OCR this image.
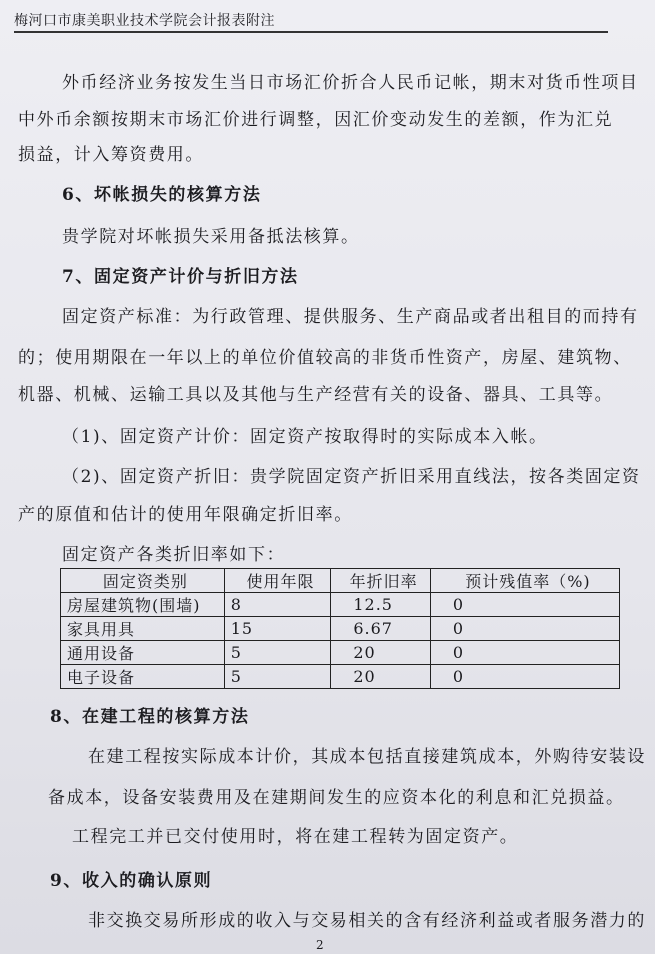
梅河口市康美职业技术学院会计报表附注
外币经济业务按发生当日市场汇价折合人民币记帐，期末对货币性项目
中外币余额按期末市场汇价进行调整，因汇价变动发生的差额，作为汇兑
损益，计入筹资费用。
6、坏帐损失的核算方法
贵学院对坏帐损失采用备抵法核算。
7、固定资产计价与折旧方法
固定资产标准：为行政管理、提供服务、生产商品或者出租目的而持有
的；使用期限在一年以上的单位价值较高的非货币性资产，房屋、建筑物、
机器、机械、运输工具以及其他与生产经营有关的设备、器具、工具等。
（1)、固定资产计价：固定资产按取得时的实际成本入帐。
（2)、固定资产折旧：贵学院固定资产折旧采用直线法，按各类固定资
产的原值和估计的使用年限确定折旧率。
固定资产各类折旧率如下：
固定资类别	使用年限	年折旧率	预计残值率（%)
房屋建筑物(围墙)	8	12.5	0
家具用具	15	6.67	0
通用设备	5	20	0
电子设备	5	20	0
8、在建工程的核算方法
在建工程按实际成本计价，其成本包括直接建筑成本，外购待安装设
备成本，设备安装费用及在建期间发生的应资本化的利息和汇兑损益。
工程完工并已交付使用时，将在建工程转为固定资产。
9、收入的确认原则
非交换交易所形成的收入与交易相关的含有经济利益或者服务潜力的
2
